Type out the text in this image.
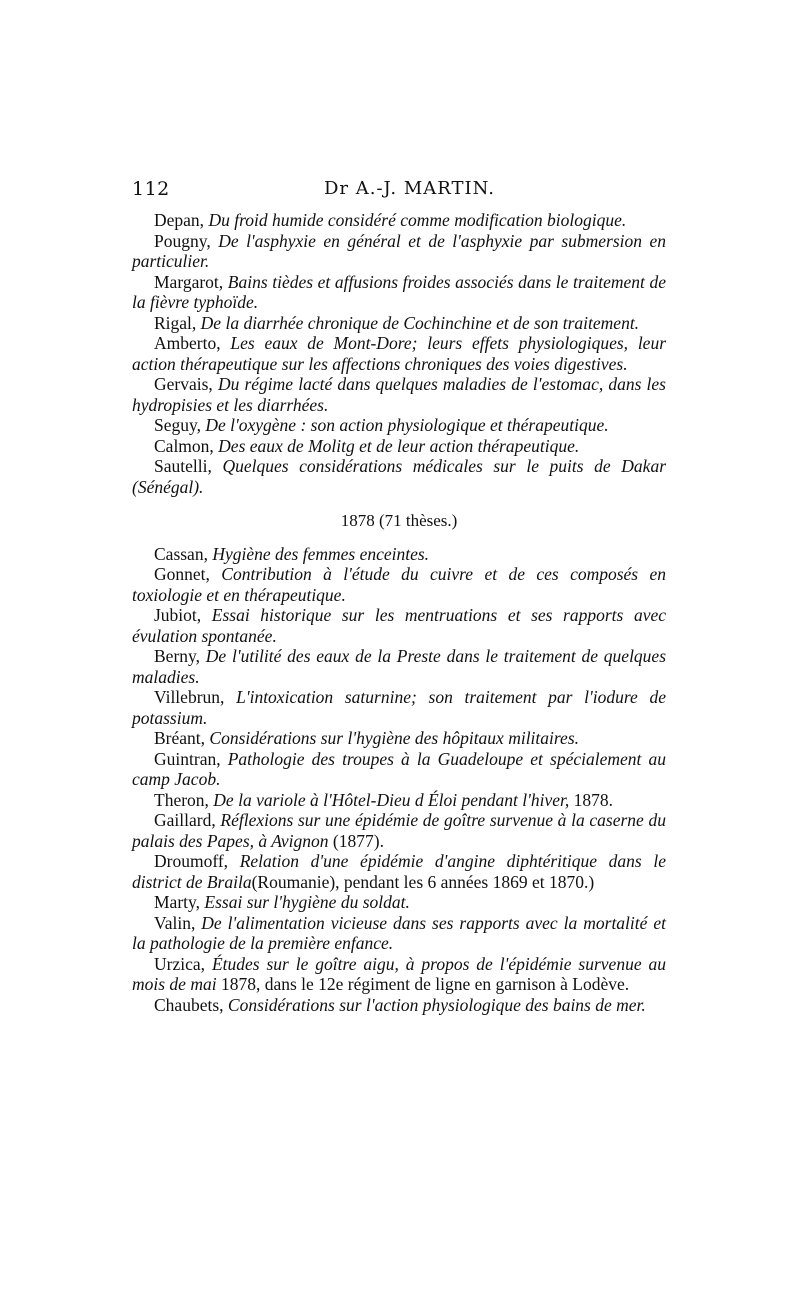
112	Dr A.-J. MARTIN.

Depan, Du froid humide considéré comme modification biologique.

Pougny, De l'asphyxie en général et de l'asphyxie par submersion en particulier.

Margarot, Bains tièdes et affusions froides associés dans le traitement de la fièvre typhoïde.

Rigal, De la diarrhée chronique de Cochinchine et de son traitement.

Amberto, Les eaux de Mont-Dore; leurs effets physiologiques, leur action thérapeutique sur les affections chroniques des voies digestives.

Gervais, Du régime lacté dans quelques maladies de l'estomac, dans les hydropisies et les diarrhées.

Seguy, De l'oxygène : son action physiologique et thérapeutique.

Calmon, Des eaux de Molitg et de leur action thérapeutique.

Sautelli, Quelques considérations médicales sur le puits de Dakar (Sénégal).

1878 (71 thèses.)

Cassan, Hygiène des femmes enceintes.

Gonnet, Contribution à l'étude du cuivre et de ces composés en toxiologie et en thérapeutique.

Jubiot, Essai historique sur les mentruations et ses rapports avec évulation spontanée.

Berny, De l'utilité des eaux de la Preste dans le traitement de quelques maladies.

Villebrun, L'intoxication saturnine; son traitement par l'iodure de potassium.

Bréant, Considérations sur l'hygiène des hôpitaux militaires.

Guintran, Pathologie des troupes à la Guadeloupe et spécialement au camp Jacob.

Theron, De la variole à l'Hôtel-Dieu d Éloi pendant l'hiver, 1878.

Gaillard, Réflexions sur une épidémie de goître survenue à la caserne du palais des Papes, à Avignon (1877).

Droumoff, Relation d'une épidémie d'angine diphtéritique dans le district de Braila(Roumanie), pendant les 6 années 1869 et 1870.)

Marty, Essai sur l'hygiène du soldat.

Valin, De l'alimentation vicieuse dans ses rapports avec la mortalité et la pathologie de la première enfance.

Urzica, Études sur le goître aigu, à propos de l'épidémie survenue au mois de mai 1878, dans le 12e régiment de ligne en garnison à Lodève.

Chaubets, Considérations sur l'action physiologique des bains de mer.
